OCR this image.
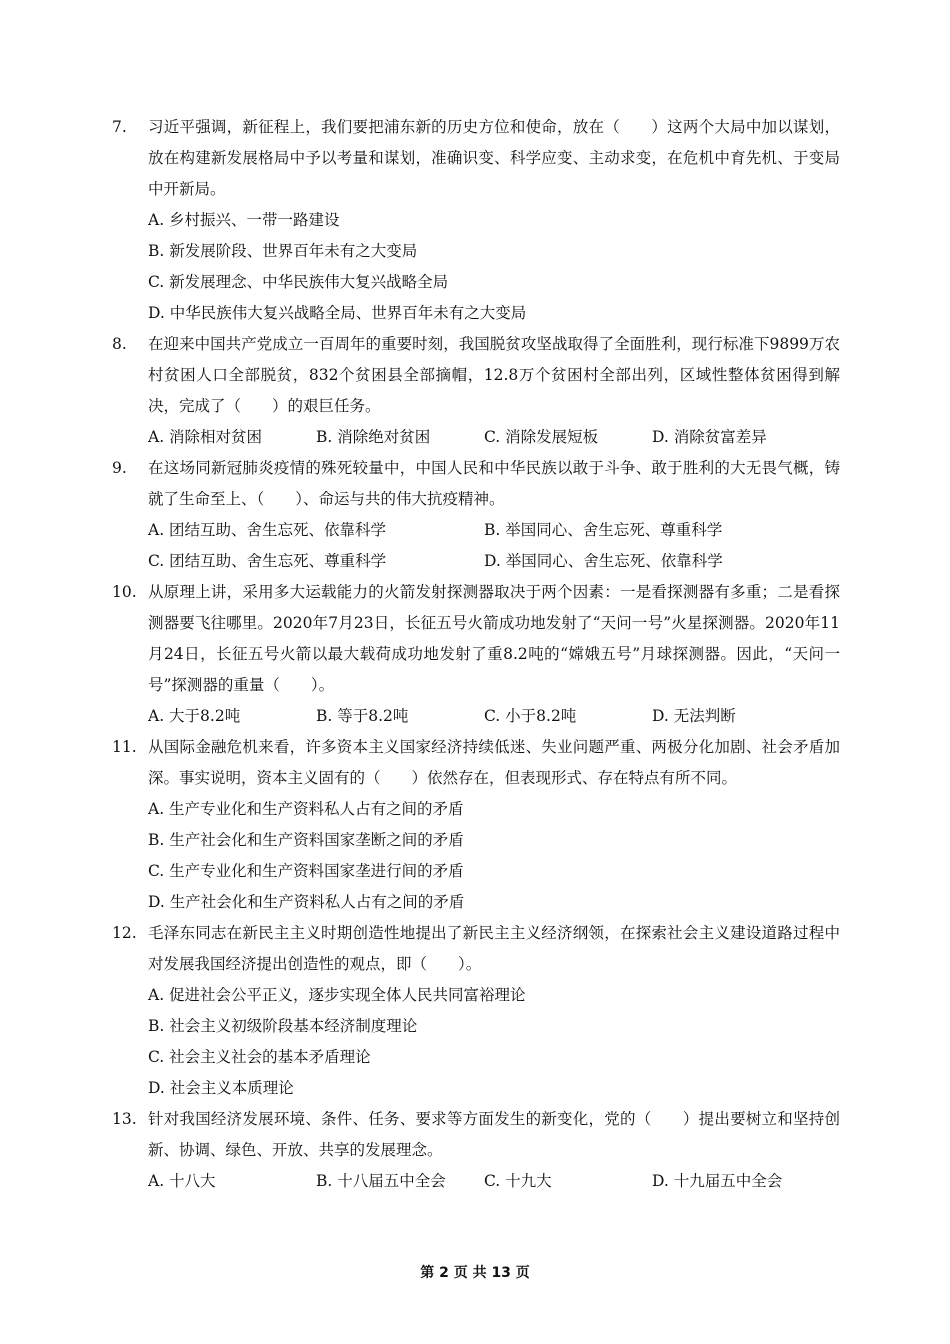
7.	习近平强调，新征程上，我们要把浦东新的历史方位和使命，放在（　　）这两个大局中加以谋划，放在构建新发展格局中予以考量和谋划，准确识变、科学应变、主动求变，在危机中育先机、于变局中开新局。
A. 乡村振兴、一带一路建设
B. 新发展阶段、世界百年未有之大变局
C. 新发展理念、中华民族伟大复兴战略全局
D. 中华民族伟大复兴战略全局、世界百年未有之大变局
8.	在迎来中国共产党成立一百周年的重要时刻，我国脱贫攻坚战取得了全面胜利，现行标准下9899万农村贫困人口全部脱贫，832个贫困县全部摘帽，12.8万个贫困村全部出列，区域性整体贫困得到解决，完成了（　　）的艰巨任务。
A. 消除相对贫困	B. 消除绝对贫困	C. 消除发展短板	D. 消除贫富差异
9.	在这场同新冠肺炎疫情的殊死较量中，中国人民和中华民族以敢于斗争、敢于胜利的大无畏气概，铸就了生命至上、（　　）、命运与共的伟大抗疫精神。
A. 团结互助、舍生忘死、依靠科学	B. 举国同心、舍生忘死、尊重科学
C. 团结互助、舍生忘死、尊重科学	D. 举国同心、舍生忘死、依靠科学
10. 从原理上讲，采用多大运载能力的火箭发射探测器取决于两个因素：一是看探测器有多重；二是看探测器要飞往哪里。2020年7月23日，长征五号火箭成功地发射了“天问一号”火星探测器。2020年11月24日，长征五号火箭以最大载荷成功地发射了重8.2吨的“嫦娥五号”月球探测器。因此，“天问一号”探测器的重量（　　）。
A. 大于8.2吨	B. 等于8.2吨	C. 小于8.2吨	D. 无法判断
11. 从国际金融危机来看，许多资本主义国家经济持续低迷、失业问题严重、两极分化加剧、社会矛盾加深。事实说明，资本主义固有的（　　）依然存在，但表现形式、存在特点有所不同。
A. 生产专业化和生产资料私人占有之间的矛盾
B. 生产社会化和生产资料国家垄断之间的矛盾
C. 生产专业化和生产资料国家垄进行间的矛盾
D. 生产社会化和生产资料私人占有之间的矛盾
12. 毛泽东同志在新民主主义时期创造性地提出了新民主主义经济纲领，在探索社会主义建设道路过程中对发展我国经济提出创造性的观点，即（　　）。
A. 促进社会公平正义，逐步实现全体人民共同富裕理论
B. 社会主义初级阶段基本经济制度理论
C. 社会主义社会的基本矛盾理论
D. 社会主义本质理论
13. 针对我国经济发展环境、条件、任务、要求等方面发生的新变化，党的（　　）提出要树立和坚持创新、协调、绿色、开放、共享的发展理念。
A. 十八大	B. 十八届五中全会	C. 十九大	D. 十九届五中全会
第 2 页 共 13 页
